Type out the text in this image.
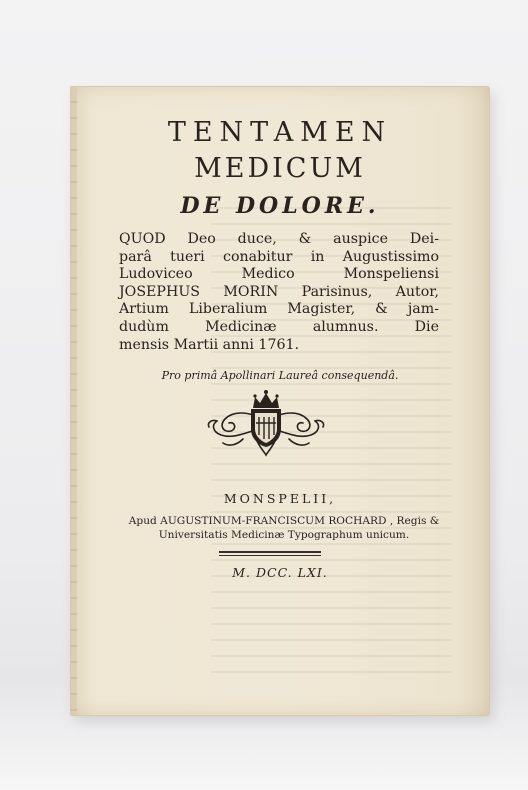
TENTAMEN
MEDICUM
DE DOLORE.
QUOD Deo duce, & auspice Dei-
parâ tueri conabitur in Augustissimo
Ludoviceo Medico Monspeliensi
JOSEPHUS MORIN Parisinus, Autor,
Artium Liberalium Magister, & jam-
dudùm Medicinæ alumnus. Die
mensis Martii anni 1761.
Pro primâ Apollinari Laureâ consequendâ.
MONSPELII,
Apud AUGUSTINUM-FRANCISCUM ROCHARD , Regis &
Universitatis Medicinæ Typographum unicum.
M. DCC. LXI.
